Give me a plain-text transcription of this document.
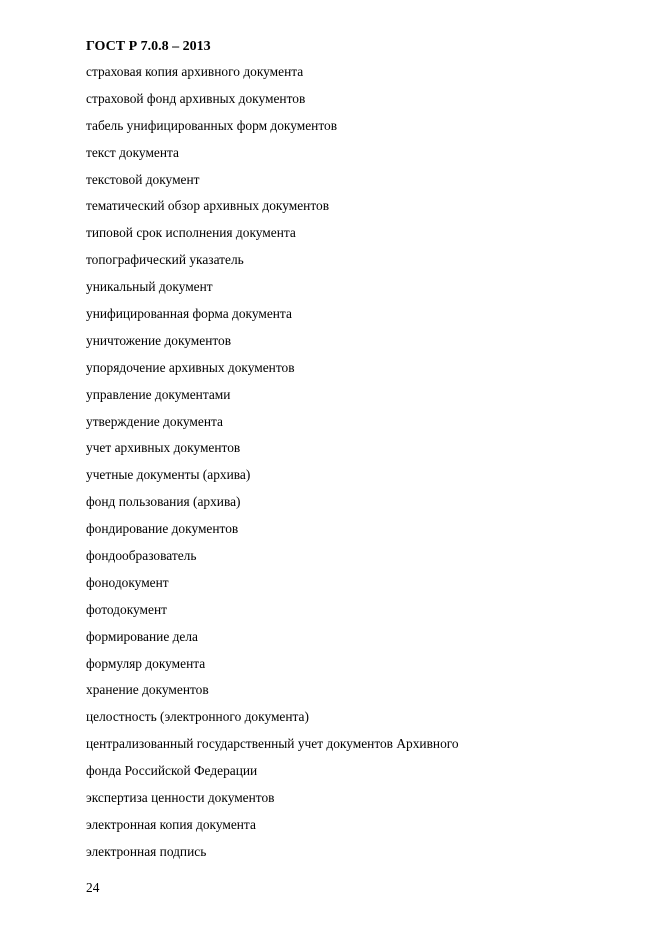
ГОСТ Р 7.0.8 – 2013
страховая копия архивного документа
страховой фонд архивных документов
табель унифицированных форм документов
текст документа
текстовой документ
тематический обзор архивных документов
типовой срок исполнения документа
топографический указатель
уникальный документ
унифицированная форма документа
уничтожение документов
упорядочение архивных документов
управление документами
утверждение документа
учет архивных документов
учетные документы (архива)
фонд пользования (архива)
фондирование документов
фондообразователь
фонодокумент
фотодокумент
формирование дела
формуляр документа
хранение документов
целостность (электронного документа)
централизованный государственный учет документов Архивного
фонда Российской Федерации
экспертиза ценности документов
электронная копия документа
электронная подпись
24
